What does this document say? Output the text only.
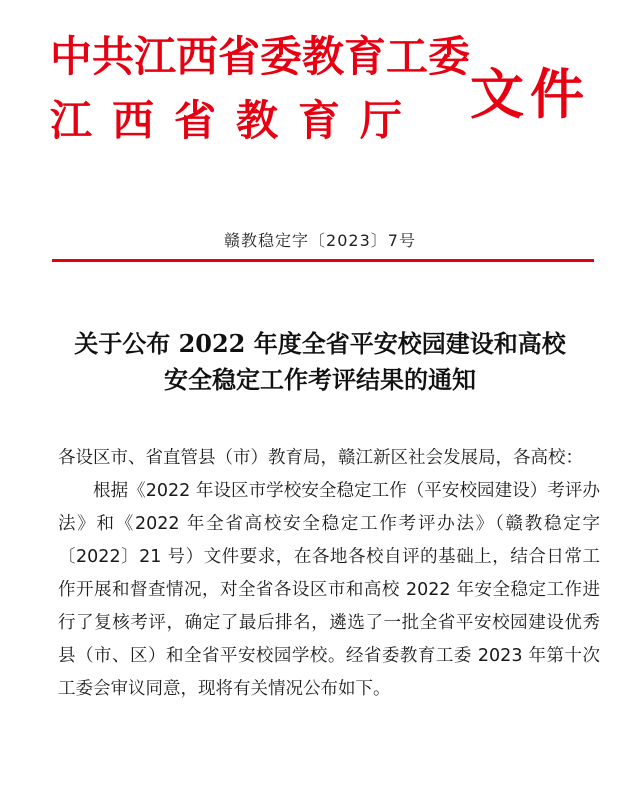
中共江西省委教育工委
江西省教育厅 文件
赣教稳定字〔2023〕7号
关于公布 2022 年度全省平安校园建设和高校
安全稳定工作考评结果的通知

各设区市、省直管县（市）教育局，赣江新区社会发展局，各高校：

根据《2022 年设区市学校安全稳定工作（平安校园建设）考评办法》和《2022 年全省高校安全稳定工作考评办法》（赣教稳定字〔2022〕21 号）文件要求，在各地各校自评的基础上，结合日常工作开展和督查情况，对全省各设区市和高校 2022 年安全稳定工作进行了复核考评，确定了最后排名，遴选了一批全省平安校园建设优秀县（市、区）和全省平安校园学校。经省委教育工委 2023 年第十次工委会审议同意，现将有关情况公布如下。
